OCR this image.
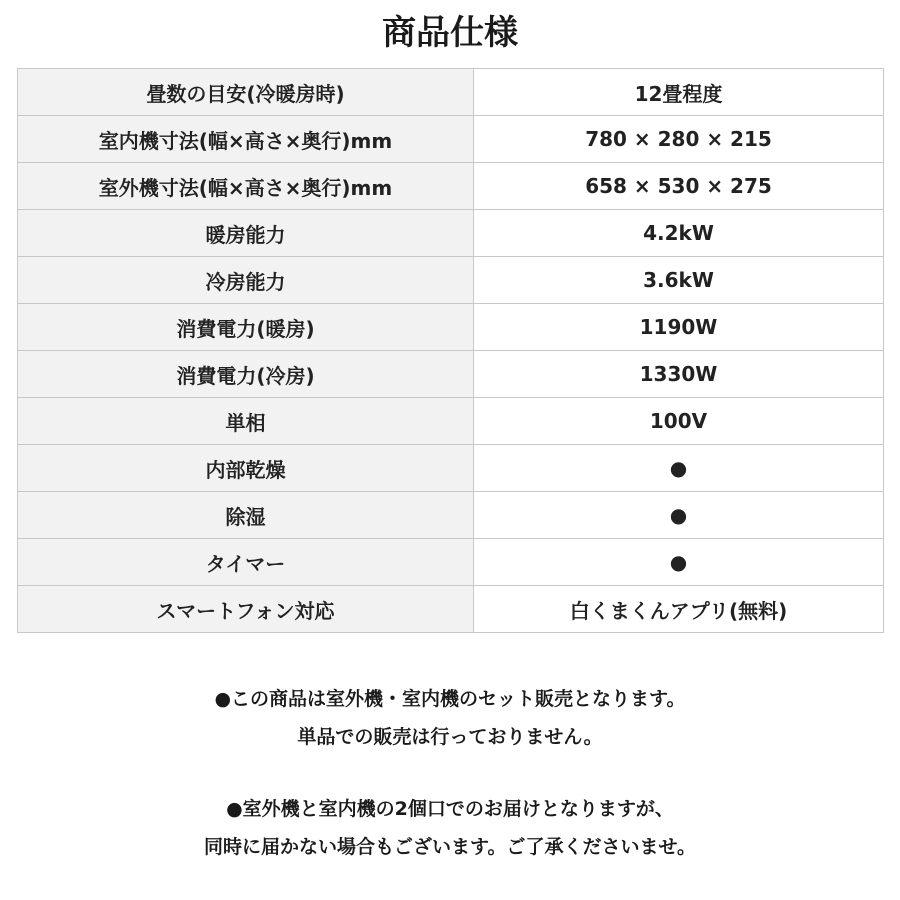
商品仕様
畳数の目安(冷暖房時)	12畳程度
室内機寸法(幅×高さ×奥行)mm	780 × 280 × 215
室外機寸法(幅×高さ×奥行)mm	658 × 530 × 275
暖房能力	4.2kW
冷房能力	3.6kW
消費電力(暖房)	1190W
消費電力(冷房)	1330W
単相	100V
内部乾燥	●
除湿	●
タイマー	●
スマートフォン対応	白くまくんアプリ(無料)

●この商品は室外機・室内機のセット販売となります。

単品での販売は行っておりません。

●室外機と室内機の2個口でのお届けとなりますが、

同時に届かない場合もございます。ご了承くださいませ。
